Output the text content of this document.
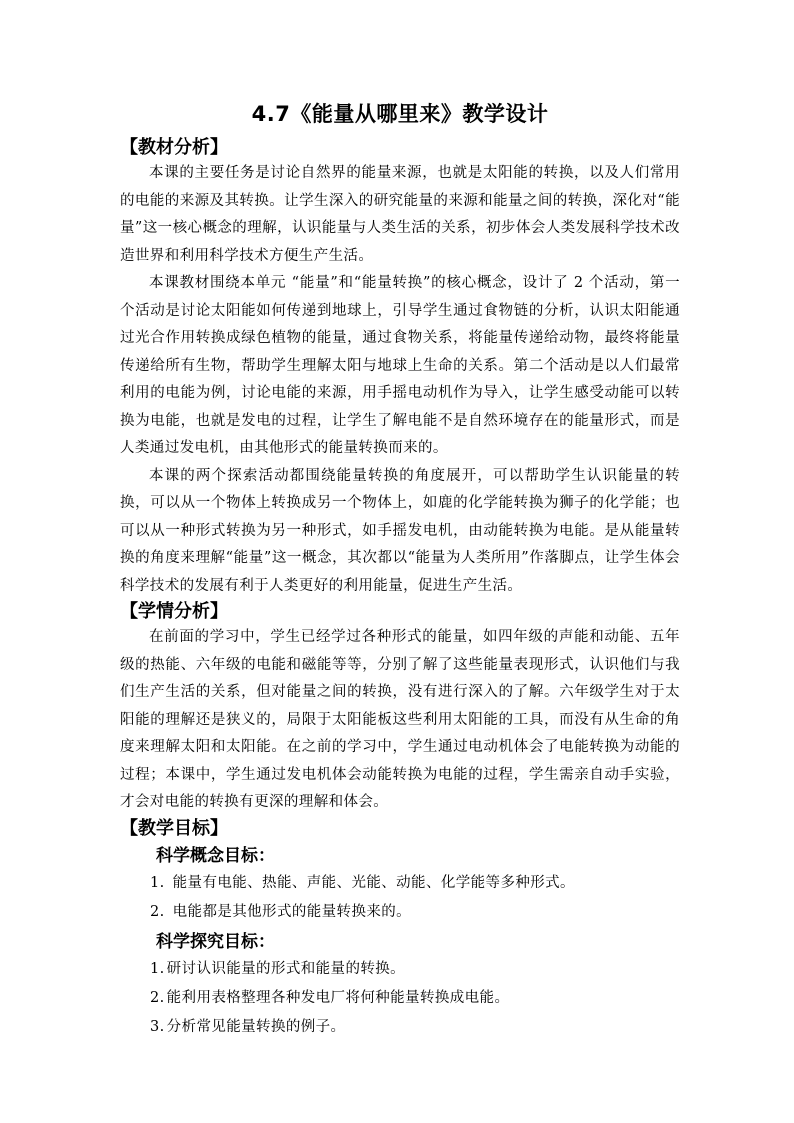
4.7《能量从哪里来》教学设计
【教材分析】

本课的主要任务是讨论自然界的能量来源，也就是太阳能的转换，以及人们常用的电能的来源及其转换。让学生深入的研究能量的来源和能量之间的转换，深化对“能量”这一核心概念的理解，认识能量与人类生活的关系，初步体会人类发展科学技术改造世界和利用科学技术方便生产生活。

本课教材围绕本单元 “能量”和“能量转换”的核心概念，设计了 2 个活动，第一个活动是讨论太阳能如何传递到地球上，引导学生通过食物链的分析，认识太阳能通过光合作用转换成绿色植物的能量，通过食物关系，将能量传递给动物，最终将能量传递给所有生物，帮助学生理解太阳与地球上生命的关系。第二个活动是以人们最常利用的电能为例，讨论电能的来源，用手摇电动机作为导入，让学生感受动能可以转换为电能，也就是发电的过程，让学生了解电能不是自然环境存在的能量形式，而是人类通过发电机，由其他形式的能量转换而来的。

本课的两个探索活动都围绕能量转换的角度展开，可以帮助学生认识能量的转换，可以从一个物体上转换成另一个物体上，如鹿的化学能转换为狮子的化学能；也可以从一种形式转换为另一种形式，如手摇发电机，由动能转换为电能。是从能量转换的角度来理解“能量”这一概念，其次都以“能量为人类所用”作落脚点，让学生体会科学技术的发展有利于人类更好的利用能量，促进生产生活。

【学情分析】

在前面的学习中，学生已经学过各种形式的能量，如四年级的声能和动能、五年级的热能、六年级的电能和磁能等等，分别了解了这些能量表现形式，认识他们与我们生产生活的关系，但对能量之间的转换，没有进行深入的了解。六年级学生对于太阳能的理解还是狭义的，局限于太阳能板这些利用太阳能的工具，而没有从生命的角度来理解太阳和太阳能。在之前的学习中，学生通过电动机体会了电能转换为动能的过程；本课中，学生通过发电机体会动能转换为电能的过程，学生需亲自动手实验，才会对电能的转换有更深的理解和体会。

【教学目标】
科学概念目标：
1. 能量有电能、热能、声能、光能、动能、化学能等多种形式。
2. 电能都是其他形式的能量转换来的。
科学探究目标：
1. 研讨认识能量的形式和能量的转换。
2. 能利用表格整理各种发电厂将何种能量转换成电能。
3. 分析常见能量转换的例子。
